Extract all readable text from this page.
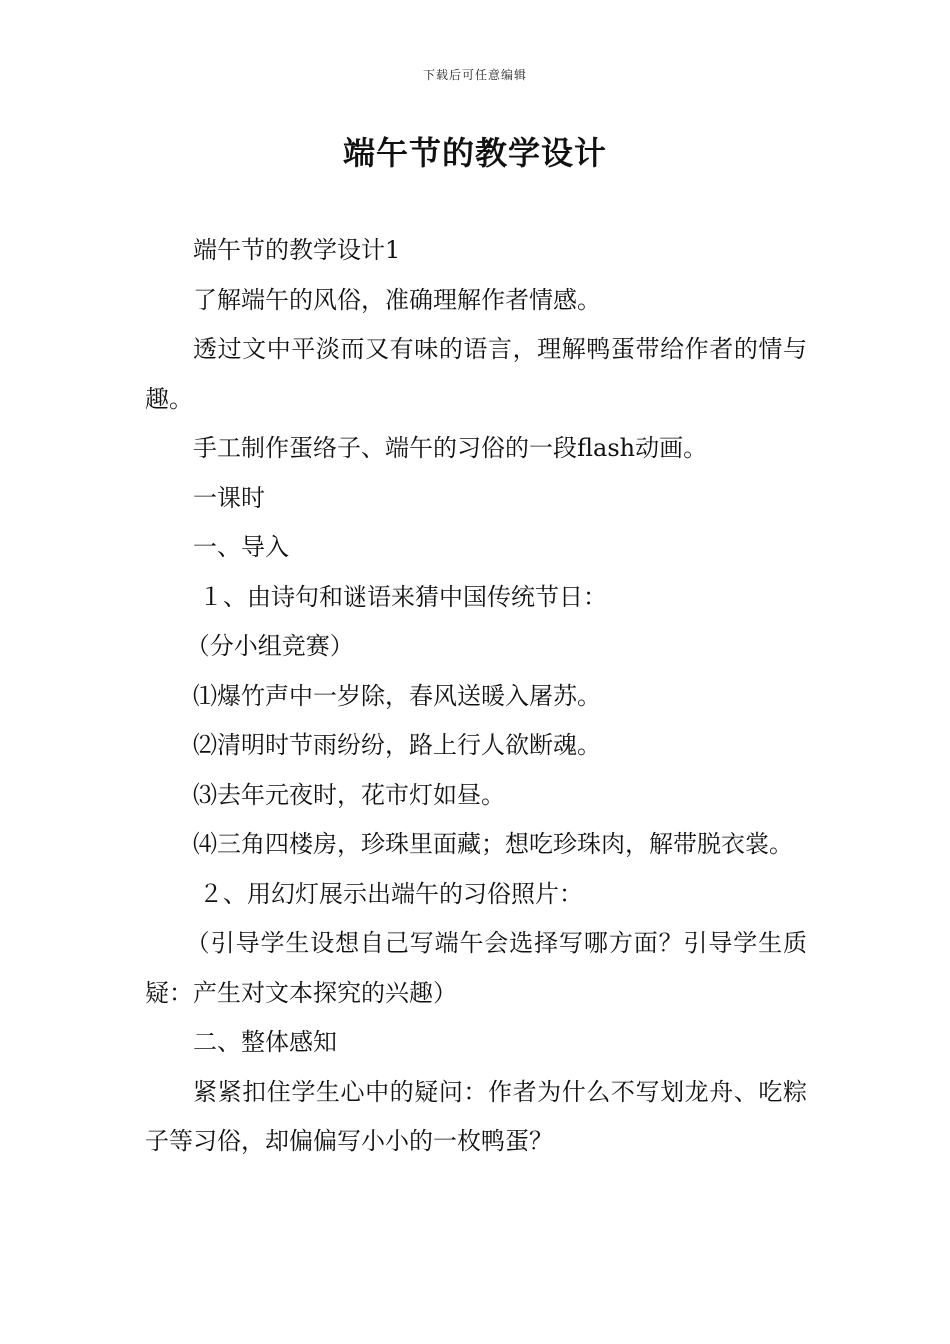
下载后可任意编辑
端午节的教学设计

端午节的教学设计1

了解端午的风俗，准确理解作者情感。

透过文中平淡而又有味的语言，理解鸭蛋带给作者的情与趣。

手工制作蛋络子、端午的习俗的一段flash动画。

一课时

一、导入

１、由诗句和谜语来猜中国传统节日：

（分小组竞赛）

⑴爆竹声中一岁除，春风送暖入屠苏。

⑵清明时节雨纷纷，路上行人欲断魂。

⑶去年元夜时，花市灯如昼。

⑷三角四楼房，珍珠里面藏；想吃珍珠肉，解带脱衣裳。

２、用幻灯展示出端午的习俗照片：

（引导学生设想自己写端午会选择写哪方面？引导学生质疑：产生对文本探究的兴趣）

二、整体感知

紧紧扣住学生心中的疑问：作者为什么不写划龙舟、吃粽子等习俗，却偏偏写小小的一枚鸭蛋？
